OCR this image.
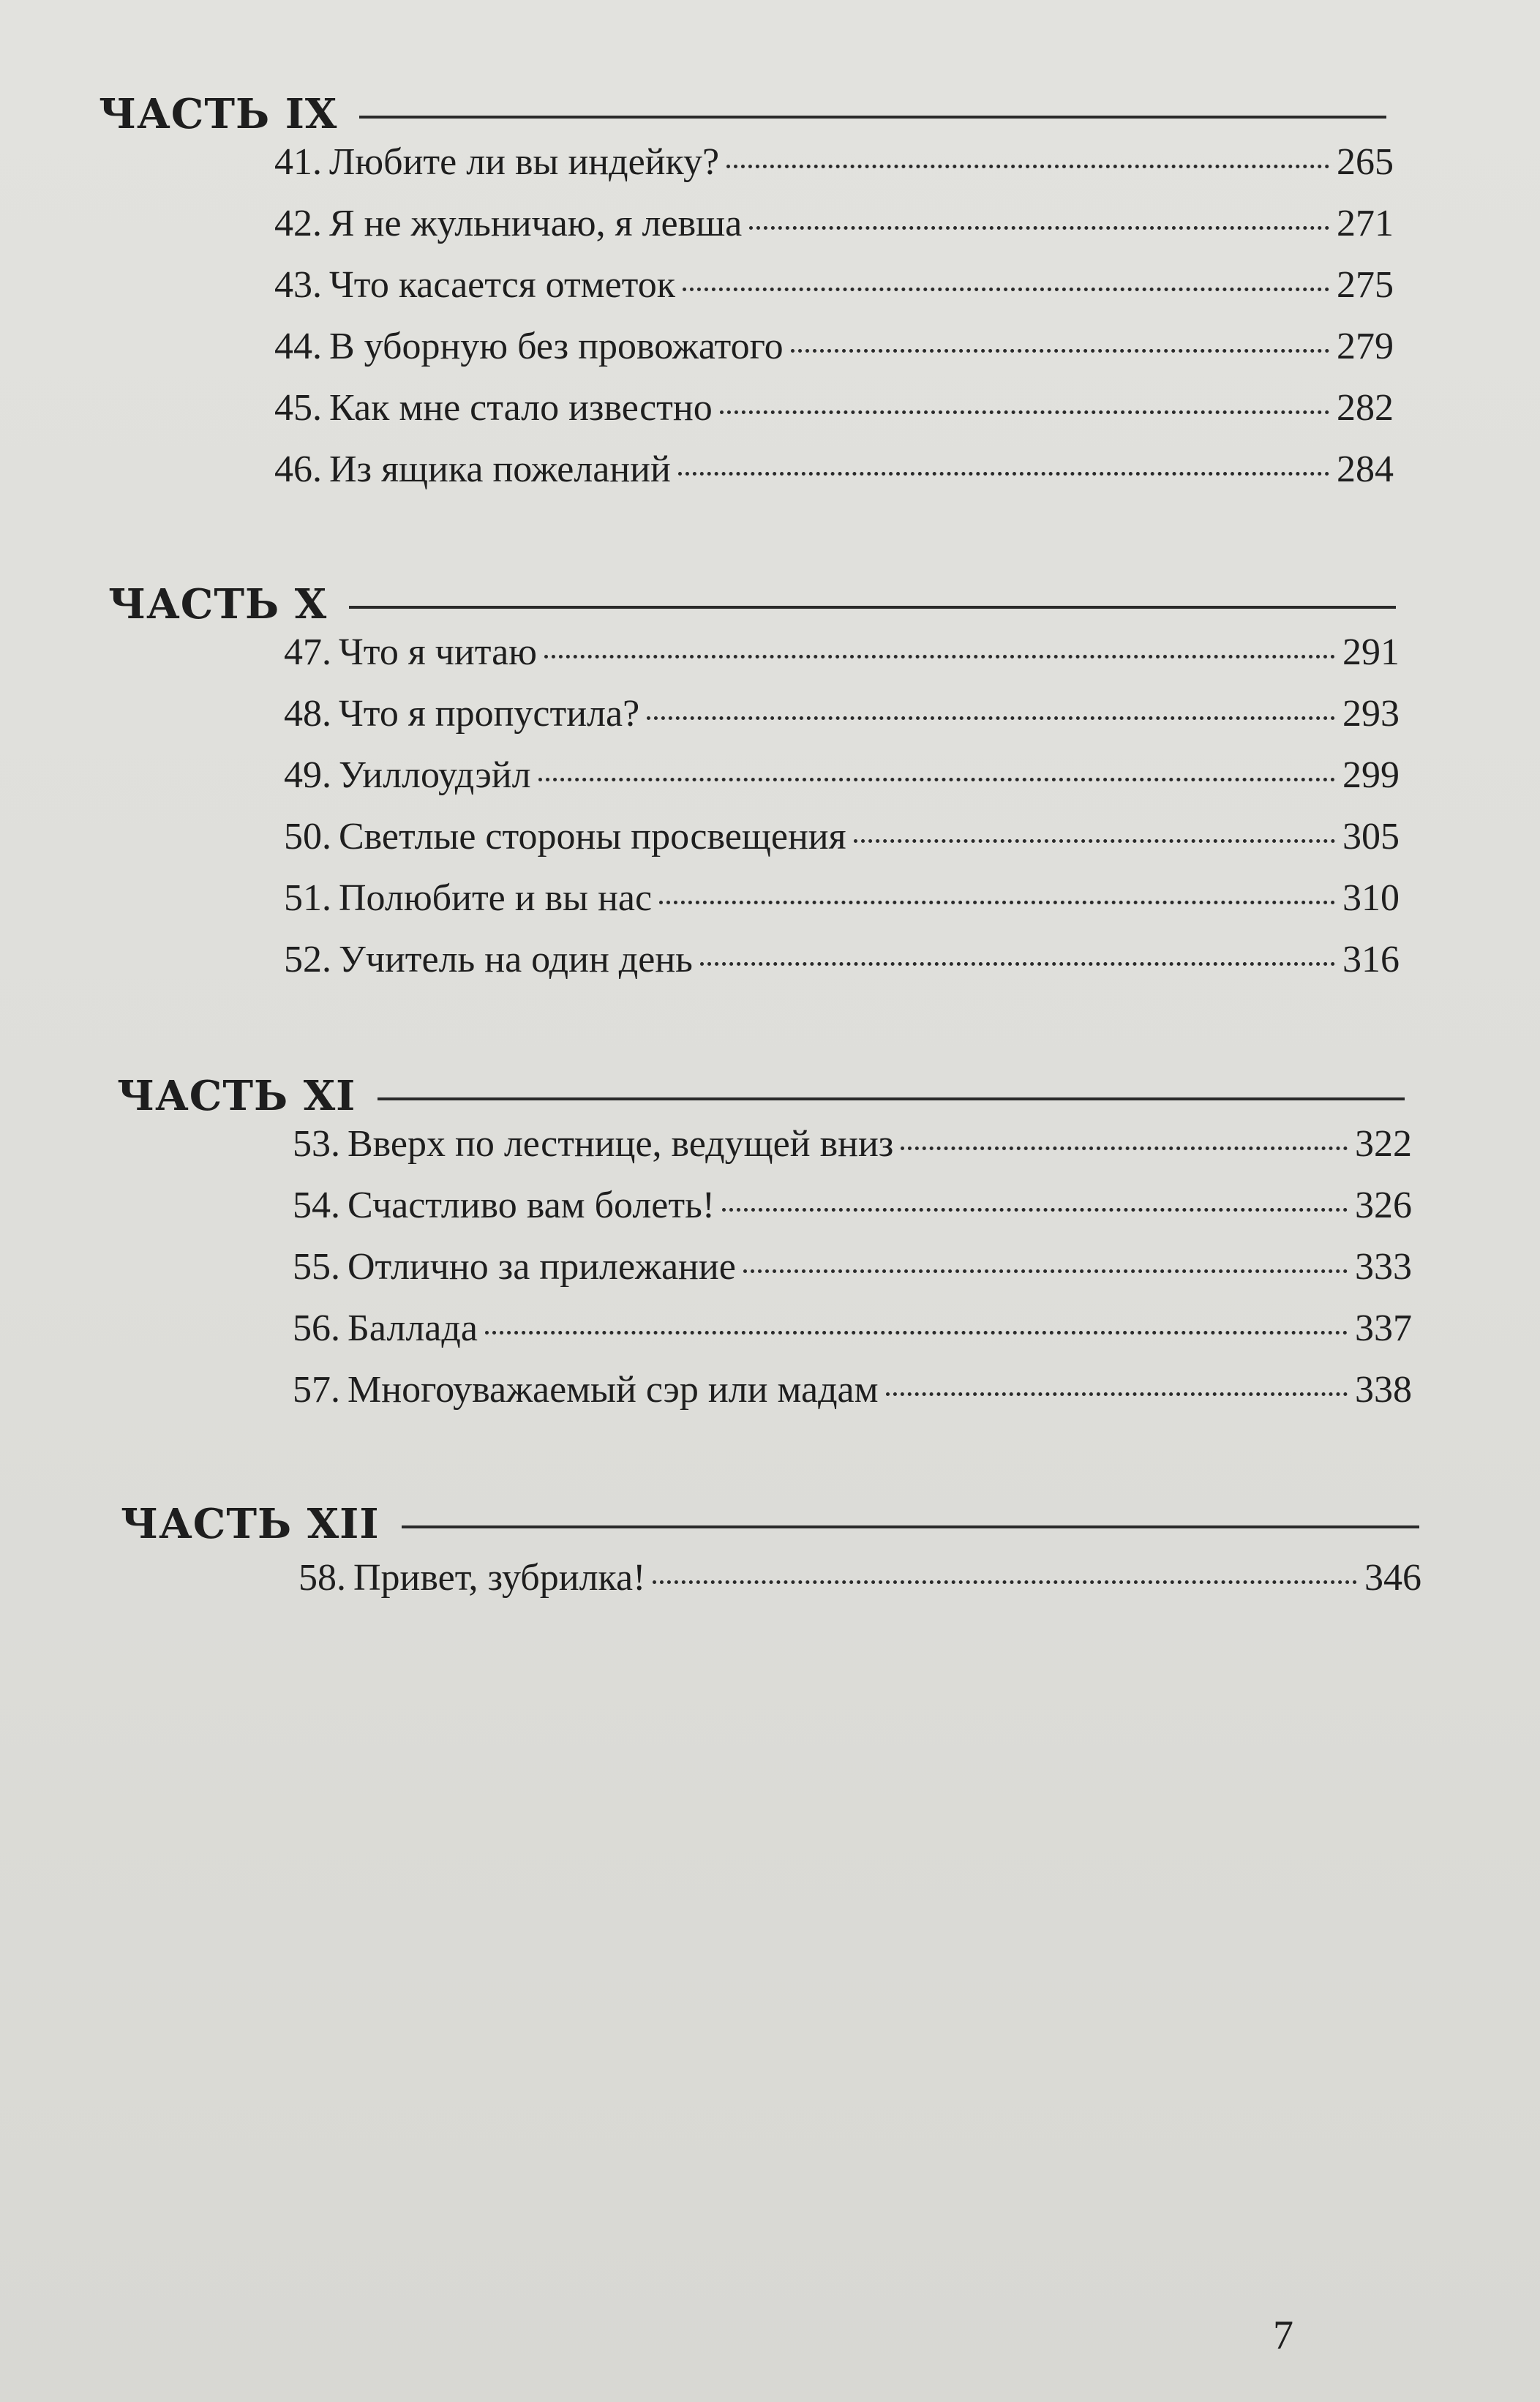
ЧАСТЬ IX
41. Любите ли вы индейку?	265
42. Я не жульничаю, я левша	271
43. Что касается отметок	275
44. В уборную без провожатого	279
45. Как мне стало известно	282
46. Из ящика пожеланий	284
ЧАСТЬ X
47. Что я читаю	291
48. Что я пропустила?	293
49. Уиллоудэйл	299
50. Светлые стороны просвещения	305
51. Полюбите и вы нас	310
52. Учитель на один день	316
ЧАСТЬ XI
53. Вверх по лестнице, ведущей вниз	322
54. Счастливо вам болеть!	326
55. Отлично за прилежание	333
56. Баллада	337
57. Многоуважаемый сэр или мадам	338
ЧАСТЬ XII
58. Привет, зубрилка!	346
7
